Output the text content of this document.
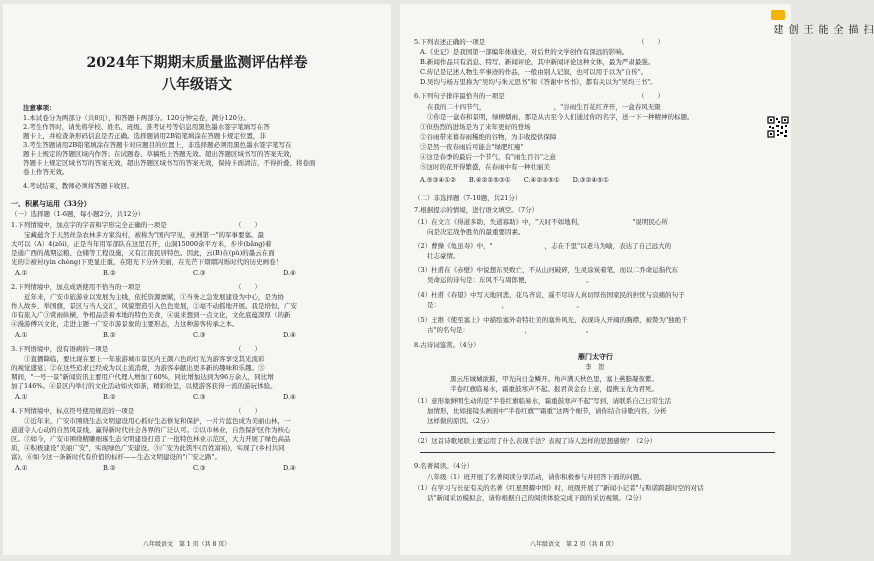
2024年下期期末质量监测评估样卷
八年级语文
注意事项：
1.本试卷分为两部分（共8页），和答题卡两部分。120分钟完卷，满分120分。
2.考生作答时，请先将学校、姓名、班级、准考证号等信息用黑色墨水签字笔填写在答
题卡上，并检查条形码信息是否正确。选择题请用2B铅笔填涂在答题卡规定位置，非
3.考生答题请用2B铅笔填涂在答题卡对应题目的位置上，非选择题必须用黑色墨水签字笔写在
题卡上规定的答题区域内作答；在试题卷、草稿纸上答题无效。超出答题区域书写的答案无效，
答题卡上规定区域书写的答案无效，超出答题区域书写的答案无效，保持卡面清洁，不得折叠、将卷面
卷上作答无效。
4.考试结束，教师必须将答题卡收回。
一、积累与运用（33分）
（一）选择题（1-6题，每小题2分，共12分）
1.下列情境中，加点字的字音和字形完全正确的一项是　　　　　　　　　　　（　　）
　　宝藏蕴含于天然丝杂农林多方家沟村，被称为"国内罕见，亚洲第一"的军事要塞。最
大可以（A）4(zōi)，正是当年用军部队在这里召开，山洞15000余平方米，步步(bǎng)着
是通广西的战期运粮、仓储等工程设施，又有江南民居特色。因此，云(B)在(pǔ)的墨云在面
光的②被衬(yìn chèng)下更显庄重，在阳光下分外美丽，在光芒下熠熠闪烁时代的历史画卷！
A.①	B.②	C.③	D.④
2.下列情境中，加点成语使用不恰当的一项是　　　　　　　　　　　　　　　（　　）
　　近年来，广安市旅游业以发展为主线，依托资源禀赋，①当务之急发展建设为中心，是为协
作人故乡，举国旗，景区与当人交汇，风貌塑造引入色色发展，②毫不动摇地开展。我是培恒，广安
市有旅入广③赏雨纵横，争相品尝着本地的特色美食，④说来想到一点文化，文化底蕴深厚（的新
④漫游傅兴文化，走进主题一广安市游景象的主要形态，力这种游客传承之本。
A.①	B.②	C.③	D.④
3.下列语境中，没有语病的一项是　　　　　　　　　　　　　　　　　　　　（　　）
　　①直播降临，要比现在要上一年旅游城市景区内王颜六色的灯光为游客享受其光流彩
的视觉盛宴；②在这些追求已经成为以主流消费，为游客奉献出更多新的趣味和乐趣。③
期间，"一号一景"新闻资讯主要用户代理人增加了60%，同比增加达到为96万余人，同比增
加了146%。④景区内举行的文化活动如火如荼，精彩纷呈，以使游客获得一流的游玩体验。
A.①	B.②	C.③	D.④
4.下列情境中，标点符号使用规范的一项是　　　　　　　　　　　　　　　　（　　）
　　①近年来，广安市围绕生态文明建设用心抓好生态修复和保护，一片片蓝色成为美丽山林，一
道道令人心动的自然风景线，赢得新时代社会各界的广泛认可。②以市林业，自然保护区作为核心
区。③如今，广安市围绕精雕细琢生态文明建设打造了一批特色林业示范区，大力开展了绿色高品
质，④积极建设"美丽广安"，实现绿色广安建设。⑤广安为此筑牢(百姓富裕)，实现了(乡村共同
富)，⑥如今这一条新时代有价值的标杆——生态文明建设的"广安之路"。
A.①	B.②	C.③	D.④
八年级语文　第 1 页（共 8 页）
5.下列表述正确的一项是　　　　　　　　　　　　　　　　　　　　　　　　（　　）
A.《史记》是我国第一部编年体通史，对后世的文学创作有深远的影响。
B.新闻作品只有消息、特写、新闻评论，其中新闻评论这种文体，最为严肃最强。
C.传记是记述人物生平事迹的作品，一般由别人记叙，也可以用于以为"自传"。
D.吴均与杨万里称为"吴均与朱元思书"和《答谢中书书》，都有关以为"吴均三书"。
6.下列句子排序最恰当的一项是　　　　　　　　　　　　　　　　　　　　　（　　）
　　在我的二十四节气，　　　　　　　　　　　，"谷雨生百花红齐开，一盒春风无限
　　①你是一盒春和景明，绿柳烟雨，那是从古至今人们通过你的名字，送一下一种精神的标题。
①但热烈的进场是为了来年更好的登场
②谷雨带来暮春雨稀绝的谷物，为丰收提供保障
③是然一夜春雨后可能会"绿肥红瘦"
④这是春季的最后一个节气，有"雨生百谷"之意
⑤这时的花开得繁盛，在春雨中有一种壮丽美
A.⑤③④①②　　B.④②②⑤③①　　C.④②③⑤①　　D.③②④⑤①
（二）非选择题（7-10题，共21分）
7.根据提示的情境，进行语文填空。（7分）
（1）在文言《得道多助，失道寡助》中，"天时不如地利，　　　　　　　　"说明民心所
　　向是决定战争胜负的最重要因素。
（2）曹操《龟虽寿》中，"　　　　　　　　，志在千里"以老马为喻，表达了自己远大的
　　壮志豪情。
（3）杜甫在《赤壁》中说想东吴败亡，不从山河破碎，生灵涂炭着笔，而以二乔命运指代东
　　吴命运的诗句是：东风不与周郎便，　　　　　　　　　。
（4）杜甫《春望》中写天地同悲，花鸟齐哀，遥不尽诗人真切厚伤国家民的担忧与哀痛的句子
　　是：　　　　　　　　　　，　　　　　　　　　　　。
（5）王维《使至塞上》中描绘塞外奇特壮美的塞外风光，表现诗人开阔的胸襟，被赞为"独绝千
　　古"的名句是：　　　　　　　　　，　　　　　　　　　。
8.古诗词鉴赏。（4分）
雁门太守行
李　贺
黑云压城城欲摧，甲光向日金鳞开。角声满天秋色里，塞上燕脂凝夜紫。
半卷红旗临易水，霜重鼓寒声不起。报君黄金台上意，提携玉龙为君死。
（1）意形象鲜明生动的是"半卷红旗临易水，霜重鼓寒声不起"写到，请联系自己日常生活
　　加情形，比如接镜头画面中"半卷红旗""霜重"这两个细节，请你结合诗歌内容，分析
　　这样做的原因。（2分）
（2）这首诗歌尾联主要运用了什么表现手法？表现了诗人怎样的思想感情？（2分）
9.名著阅读。（4分）
　　八年级（1）班开展了名著阅读分享活动，请你积极参与并回答下面的问题。
（1）在学习与长征有关的名著《红星照耀中国》时，班级开展了"新闻小记者"与斯诺跨越时空的对话
　　话"新闻采访模拟会，请你根据自己的阅读体验完成下面的采访视频。（2分）
八年级语文　第 2 页（共 8 页）
扫描全能王 创建
